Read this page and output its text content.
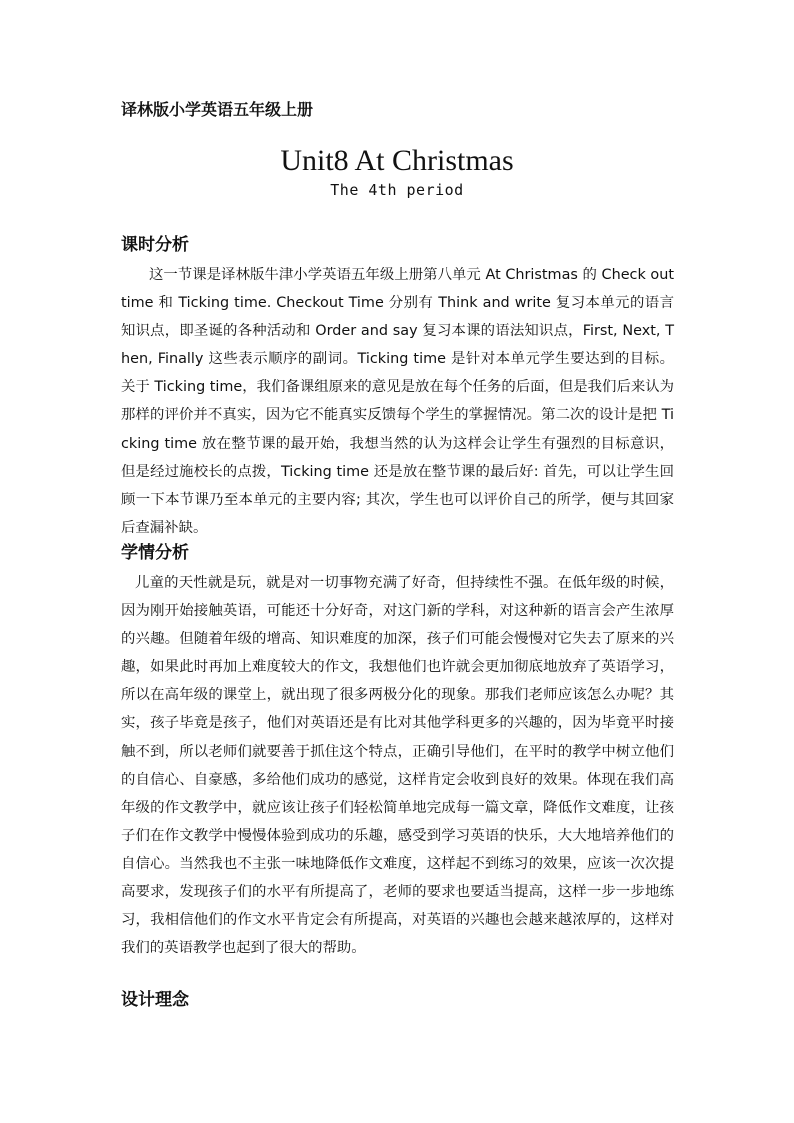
译林版小学英语五年级上册
Unit8 At Christmas
The 4th period
课时分析
这一节课是译林版牛津小学英语五年级上册第八单元 At Christmas 的 Check out time 和 Ticking time. Checkout Time 分别有 Think and write 复习本单元的语言知识点，即圣诞的各种活动和 Order and say 复习本课的语法知识点，First, Next, Then, Finally 这些表示顺序的副词。Ticking time 是针对本单元学生要达到的目标。关于 Ticking time，我们备课组原来的意见是放在每个任务的后面，但是我们后来认为那样的评价并不真实，因为它不能真实反馈每个学生的掌握情况。第二次的设计是把 Ticking time 放在整节课的最开始，我想当然的认为这样会让学生有强烈的目标意识，但是经过施校长的点拨，Ticking time 还是放在整节课的最后好: 首先，可以让学生回顾一下本节课乃至本单元的主要内容; 其次，学生也可以评价自己的所学，便与其回家后查漏补缺。
学情分析
儿童的天性就是玩，就是对一切事物充满了好奇，但持续性不强。在低年级的时候，因为刚开始接触英语，可能还十分好奇，对这门新的学科，对这种新的语言会产生浓厚的兴趣。但随着年级的增高、知识难度的加深，孩子们可能会慢慢对它失去了原来的兴趣，如果此时再加上难度较大的作文，我想他们也许就会更加彻底地放弃了英语学习，所以在高年级的课堂上，就出现了很多两极分化的现象。那我们老师应该怎么办呢？其实，孩子毕竟是孩子，他们对英语还是有比对其他学科更多的兴趣的，因为毕竟平时接触不到，所以老师们就要善于抓住这个特点，正确引导他们，在平时的教学中树立他们的自信心、自豪感，多给他们成功的感觉，这样肯定会收到良好的效果。体现在我们高年级的作文教学中，就应该让孩子们轻松简单地完成每一篇文章，降低作文难度，让孩子们在作文教学中慢慢体验到成功的乐趣，感受到学习英语的快乐，大大地培养他们的自信心。当然我也不主张一味地降低作文难度，这样起不到练习的效果，应该一次次提高要求，发现孩子们的水平有所提高了，老师的要求也要适当提高，这样一步一步地练习，我相信他们的作文水平肯定会有所提高，对英语的兴趣也会越来越浓厚的，这样对我们的英语教学也起到了很大的帮助。
设计理念
